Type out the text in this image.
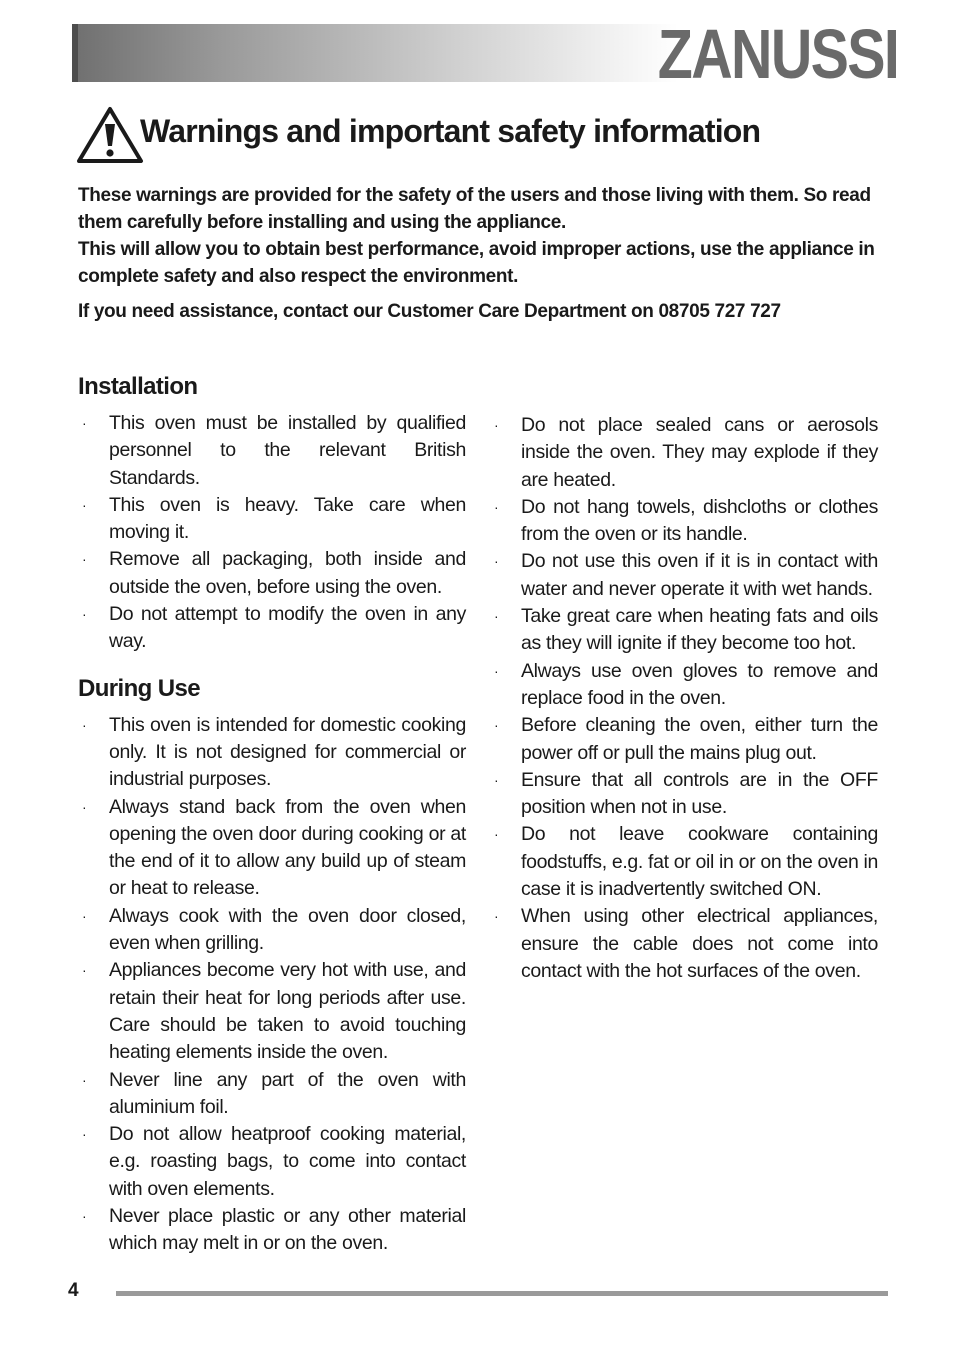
ZANUSSI
Warnings and important safety information

These warnings are provided for the safety of the users and those living with them. So read them carefully before installing and using the appliance.

This will allow you to obtain best performance, avoid improper actions, use the appliance in complete safety and also respect the environment.

If you need assistance, contact our Customer Care Department on 08705 727 727

Installation
· This oven must be installed by qualified personnel to the relevant British Standards.
· This oven is heavy. Take care when moving it.
· Remove all packaging, both inside and outside the oven, before using the oven.
· Do not attempt to modify the oven in any way.
During Use
· This oven is intended for domestic cooking only. It is not designed for commercial or industrial purposes.
· Always stand back from the oven when opening the oven door during cooking or at the end of it to allow any build up of steam or heat to release.
· Always cook with the oven door closed, even when grilling.
· Appliances become very hot with use, and retain their heat for long periods after use. Care should be taken to avoid touching heating elements inside the oven.
· Never line any part of the oven with aluminium foil.
· Do not allow heatproof cooking material, e.g. roasting bags, to come into contact with oven elements.
· Never place plastic or any other material which may melt in or on the oven.
· Do not place sealed cans or aerosols inside the oven. They may explode if they are heated.
· Do not hang towels, dishcloths or clothes from the oven or its handle.
· Do not use this oven if it is in contact with water and never operate it with wet hands.
· Take great care when heating fats and oils as they will ignite if they become too hot.
· Always use oven gloves to remove and replace food in the oven.
· Before cleaning the oven, either turn the power off or pull the mains plug out.
· Ensure that all controls are in the OFF position when not in use.
· Do not leave cookware containing foodstuffs, e.g. fat or oil in or on the oven in case it is inadvertently switched ON.
· When using other electrical appliances, ensure the cable does not come into contact with the hot surfaces of the oven.
4
